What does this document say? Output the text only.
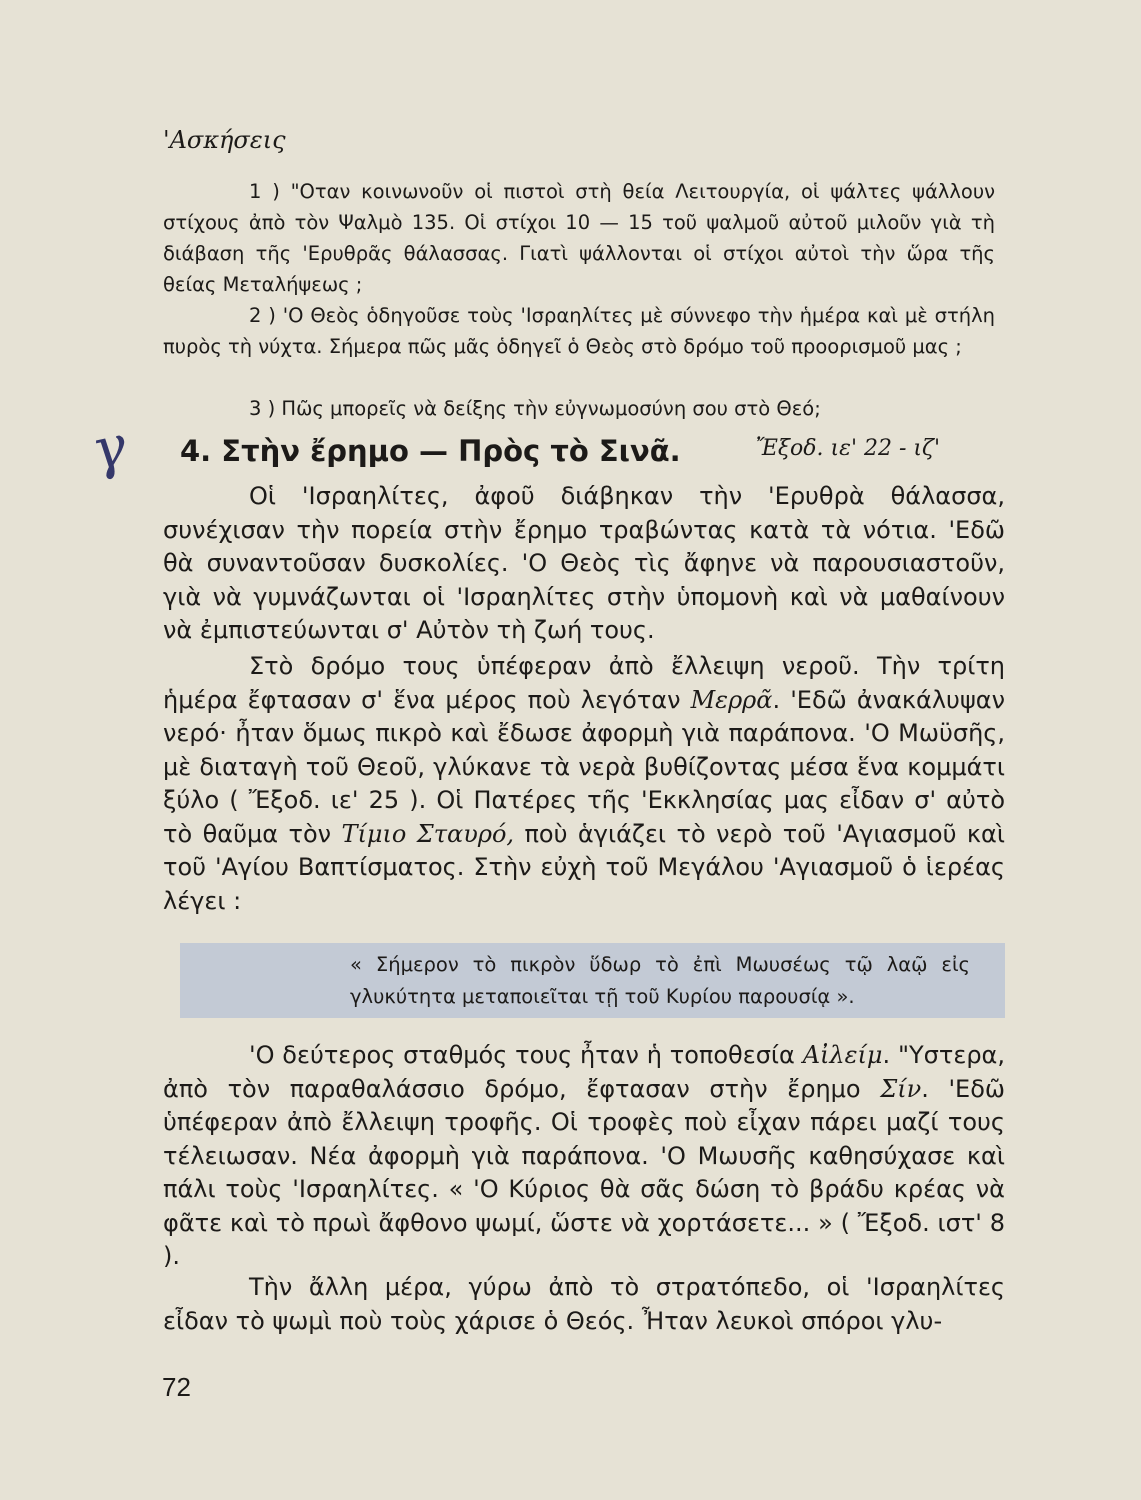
'Ασκήσεις
1 ) "Οταν κοινωνοῦν οἱ πιστοὶ στὴ θεία Λειτουργία, οἱ ψάλτες ψάλλουν στίχους ἀπὸ τὸν Ψαλμὸ 135. Οἱ στίχοι 10 — 15 τοῦ ψαλμοῦ αὐτοῦ μιλοῦν γιὰ τὴ διάβαση τῆς 'Ερυθρᾶς θάλασσας. Γιατὶ ψάλλονται οἱ στίχοι αὐτοὶ τὴν ὥρα τῆς θείας Μεταλήψεως ;
2 ) 'Ο Θεὸς ὁδηγοῦσε τοὺς 'Ισραηλίτες μὲ σύννεφο τὴν ἡμέρα καὶ μὲ στήλη πυρὸς τὴ νύχτα. Σήμερα πῶς μᾶς ὁδηγεῖ ὁ Θεὸς στὸ δρόμο τοῦ προορισμοῦ μας ;
3 ) Πῶς μπορεῖς νὰ δείξης τὴν εὐγνωμοσύνη σου στὸ Θεό;
γ 4. Στὴν ἔρημο — Πρὸς τὸ Σινᾶ.	Ἔξοδ. ιε' 22 - ιζ'
Οἱ 'Ισραηλίτες, ἀφοῦ διάβηκαν τὴν 'Ερυθρὰ θάλασσα, συνέχισαν τὴν πορεία στὴν ἔρημο τραβώντας κατὰ τὰ νότια. 'Εδῶ θὰ συναντοῦσαν δυσκολίες. 'Ο Θεὸς τὶς ἄφηνε νὰ παρουσιαστοῦν, γιὰ νὰ γυμνάζωνται οἱ 'Ισραηλίτες στὴν ὑπομονὴ καὶ νὰ μαθαίνουν νὰ ἐμπιστεύωνται σ' Αὐτὸν τὴ ζωή τους.
Στὸ δρόμο τους ὑπέφεραν ἀπὸ ἔλλειψη νεροῦ. Τὴν τρίτη ἡμέρα ἔφτασαν σ' ἕνα μέρος ποὺ λεγόταν Μερρᾶ. 'Εδῶ ἀνακάλυψαν νερό· ἦταν ὅμως πικρὸ καὶ ἔδωσε ἀφορμὴ γιὰ παράπονα. 'Ο Μωϋσῆς, μὲ διαταγὴ τοῦ Θεοῦ, γλύκανε τὰ νερὰ βυθίζοντας μέσα ἕνα κομμάτι ξύλο ( Ἔξοδ. ιε' 25 ). Οἱ Πατέρες τῆς 'Εκκλησίας μας εἶδαν σ' αὐτὸ τὸ θαῦμα τὸν Τίμιο Σταυρό, ποὺ ἁγιάζει τὸ νερὸ τοῦ 'Αγιασμοῦ καὶ τοῦ 'Αγίου Βαπτίσματος. Στὴν εὐχὴ τοῦ Μεγάλου 'Αγιασμοῦ ὁ ἱερέας λέγει :
« Σήμερον τὸ πικρὸν ὕδωρ τὸ ἐπὶ Μωυσέως τῷ λαῷ εἰς γλυκύτητα μεταποιεῖται τῇ τοῦ Κυρίου παρουσίᾳ ».
'Ο δεύτερος σταθμός τους ἦταν ἡ τοποθεσία Αἰλείμ. "Υστερα, ἀπὸ τὸν παραθαλάσσιο δρόμο, ἔφτασαν στὴν ἔρημο Σίν. 'Εδῶ ὑπέφεραν ἀπὸ ἔλλειψη τροφῆς. Οἱ τροφὲς ποὺ εἶχαν πάρει μαζί τους τέλειωσαν. Νέα ἀφορμὴ γιὰ παράπονα. 'Ο Μωυσῆς καθησύχασε καὶ πάλι τοὺς 'Ισραηλίτες. « 'Ο Κύριος θὰ σᾶς δώση τὸ βράδυ κρέας νὰ φᾶτε καὶ τὸ πρωὶ ἄφθονο ψωμί, ὥστε νὰ χορτάσετε... » ( Ἔξοδ. ιστ' 8 ).
Τὴν ἄλλη μέρα, γύρω ἀπὸ τὸ στρατόπεδο, οἱ 'Ισραηλίτες εἶδαν τὸ ψωμὶ ποὺ τοὺς χάρισε ὁ Θεός. Ἦταν λευκοὶ σπόροι γλυ-
72
